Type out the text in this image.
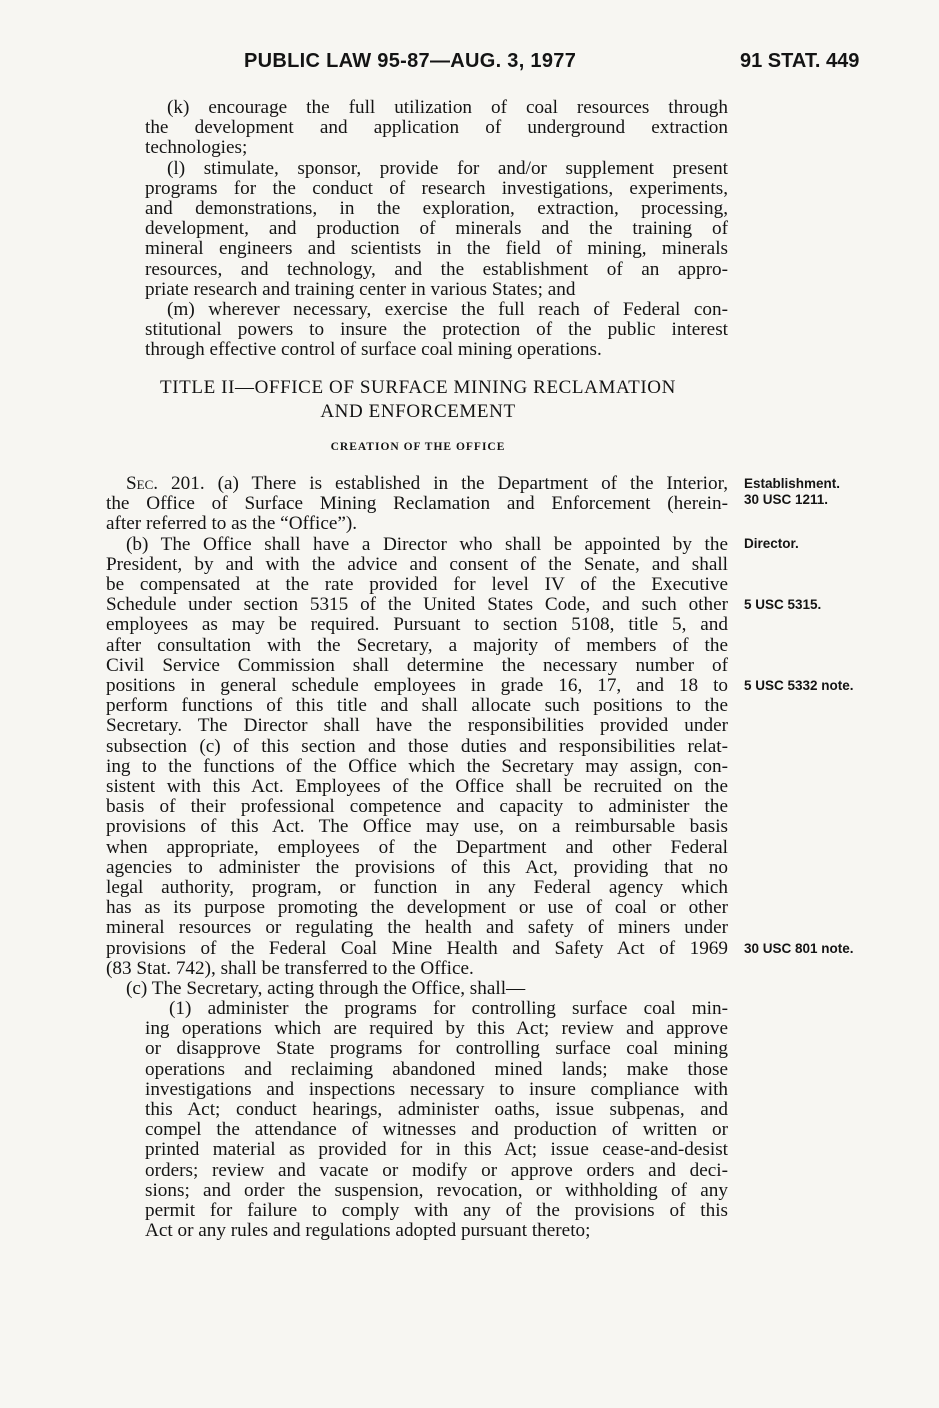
PUBLIC LAW 95-87—AUG. 3, 1977	91 STAT. 449
(k) encourage the full utilization of coal resources through
the development and application of underground extraction
technologies;
(l) stimulate, sponsor, provide for and/or supplement present
programs for the conduct of research investigations, experiments,
and demonstrations, in the exploration, extraction, processing,
development, and production of minerals and the training of
mineral engineers and scientists in the field of mining, minerals
resources, and technology, and the establishment of an appro-
priate research and training center in various States; and
(m) wherever necessary, exercise the full reach of Federal con-
stitutional powers to insure the protection of the public interest
through effective control of surface coal mining operations.
TITLE II—OFFICE OF SURFACE MINING RECLAMATION
AND ENFORCEMENT
CREATION OF THE OFFICE
Sec. 201. (a) There is established in the Department of the Interior,
the Office of Surface Mining Reclamation and Enforcement (herein-
after referred to as the “Office”).
(b) The Office shall have a Director who shall be appointed by the
President, by and with the advice and consent of the Senate, and shall
be compensated at the rate provided for level IV of the Executive
Schedule under section 5315 of the United States Code, and such other
employees as may be required. Pursuant to section 5108, title 5, and
after consultation with the Secretary, a majority of members of the
Civil Service Commission shall determine the necessary number of
positions in general schedule employees in grade 16, 17, and 18 to
perform functions of this title and shall allocate such positions to the
Secretary. The Director shall have the responsibilities provided under
subsection (c) of this section and those duties and responsibilities relat-
ing to the functions of the Office which the Secretary may assign, con-
sistent with this Act. Employees of the Office shall be recruited on the
basis of their professional competence and capacity to administer the
provisions of this Act. The Office may use, on a reimbursable basis
when appropriate, employees of the Department and other Federal
agencies to administer the provisions of this Act, providing that no
legal authority, program, or function in any Federal agency which
has as its purpose promoting the development or use of coal or other
mineral resources or regulating the health and safety of miners under
provisions of the Federal Coal Mine Health and Safety Act of 1969
(83 Stat. 742), shall be transferred to the Office.
(c) The Secretary, acting through the Office, shall—
(1) administer the programs for controlling surface coal min-
ing operations which are required by this Act; review and approve
or disapprove State programs for controlling surface coal mining
operations and reclaiming abandoned mined lands; make those
investigations and inspections necessary to insure compliance with
this Act; conduct hearings, administer oaths, issue subpenas, and
compel the attendance of witnesses and production of written or
printed material as provided for in this Act; issue cease-and-desist
orders; review and vacate or modify or approve orders and deci-
sions; and order the suspension, revocation, or withholding of any
permit for failure to comply with any of the provisions of this
Act or any rules and regulations adopted pursuant thereto;
Establishment.
30 USC 1211.
Director.
5 USC 5315.
5 USC 5332 note.
30 USC 801 note.
